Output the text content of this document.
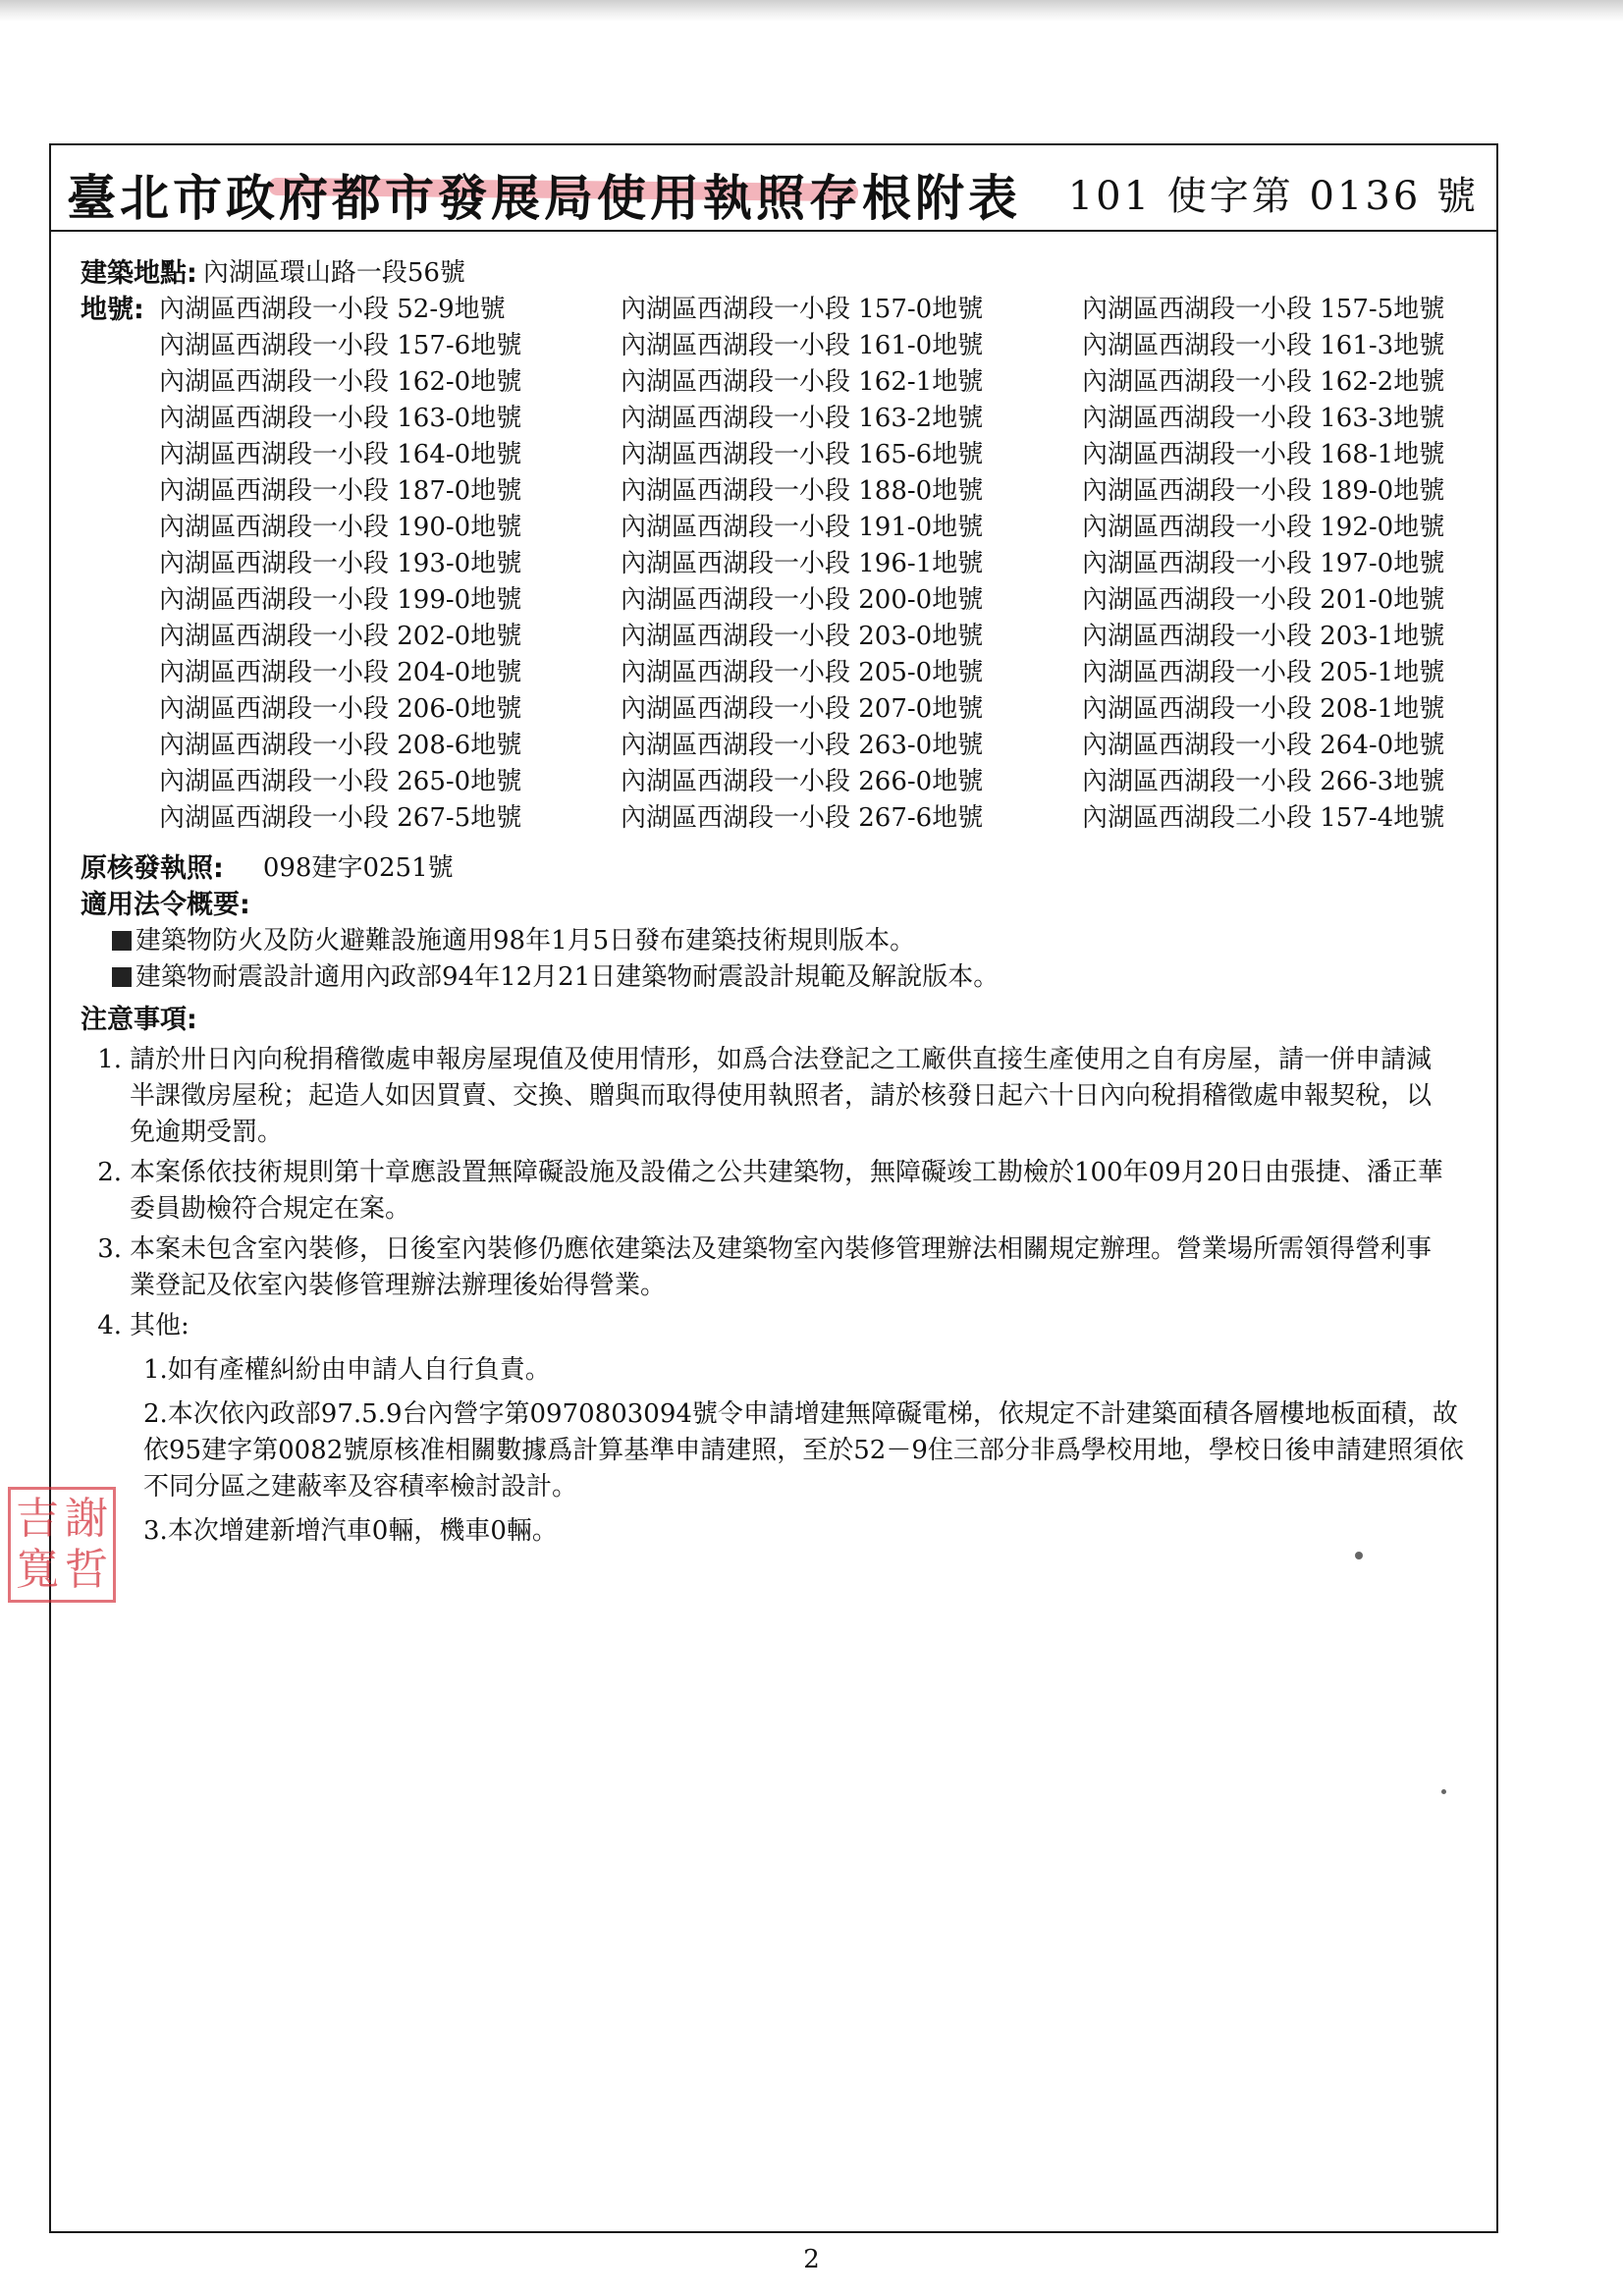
臺北市政府都市發展局使用執照存根附表 101 使字第 0136 號
建築地點: 內湖區環山路一段56號
地號: 內湖區西湖段一小段 52-9地號	內湖區西湖段一小段 157-0地號	內湖區西湖段一小段 157-5地號
內湖區西湖段一小段 157-6地號	內湖區西湖段一小段 161-0地號	內湖區西湖段一小段 161-3地號
內湖區西湖段一小段 162-0地號	內湖區西湖段一小段 162-1地號	內湖區西湖段一小段 162-2地號
內湖區西湖段一小段 163-0地號	內湖區西湖段一小段 163-2地號	內湖區西湖段一小段 163-3地號
內湖區西湖段一小段 164-0地號	內湖區西湖段一小段 165-6地號	內湖區西湖段一小段 168-1地號
內湖區西湖段一小段 187-0地號	內湖區西湖段一小段 188-0地號	內湖區西湖段一小段 189-0地號
內湖區西湖段一小段 190-0地號	內湖區西湖段一小段 191-0地號	內湖區西湖段一小段 192-0地號
內湖區西湖段一小段 193-0地號	內湖區西湖段一小段 196-1地號	內湖區西湖段一小段 197-0地號
內湖區西湖段一小段 199-0地號	內湖區西湖段一小段 200-0地號	內湖區西湖段一小段 201-0地號
內湖區西湖段一小段 202-0地號	內湖區西湖段一小段 203-0地號	內湖區西湖段一小段 203-1地號
內湖區西湖段一小段 204-0地號	內湖區西湖段一小段 205-0地號	內湖區西湖段一小段 205-1地號
內湖區西湖段一小段 206-0地號	內湖區西湖段一小段 207-0地號	內湖區西湖段一小段 208-1地號
內湖區西湖段一小段 208-6地號	內湖區西湖段一小段 263-0地號	內湖區西湖段一小段 264-0地號
內湖區西湖段一小段 265-0地號	內湖區西湖段一小段 266-0地號	內湖區西湖段一小段 266-3地號
內湖區西湖段一小段 267-5地號	內湖區西湖段一小段 267-6地號	內湖區西湖段二小段 157-4地號
原核發執照: 098建字0251號
適用法令概要:
建築物防火及防火避難設施適用98年1月5日發布建築技術規則版本。
建築物耐震設計適用內政部94年12月21日建築物耐震設計規範及解說版本。
注意事項:
1. 請於卅日內向稅捐稽徵處申報房屋現值及使用情形，如爲合法登記之工廠供直接生產使用之自有房屋，請一併申請減半課徵房屋稅；起造人如因買賣、交換、贈與而取得使用執照者，請於核發日起六十日內向稅捐稽徵處申報契稅，以免逾期受罰。
2. 本案係依技術規則第十章應設置無障礙設施及設備之公共建築物，無障礙竣工勘檢於100年09月20日由張捷、潘正華委員勘檢符合規定在案。
3. 本案未包含室內裝修，日後室內裝修仍應依建築法及建築物室內裝修管理辦法相關規定辦理。營業場所需領得營利事業登記及依室內裝修管理辦法辦理後始得營業。
4. 其他:
1.如有產權糾紛由申請人自行負責。
2.本次依內政部97.5.9台內營字第0970803094號令申請增建無障礙電梯，依規定不計建築面積各層樓地板面積，故依95建字第0082號原核准相關數據爲計算基準申請建照，至於52－9住三部分非爲學校用地，學校日後申請建照須依不同分區之建蔽率及容積率檢討設計。
3.本次增建新增汽車0輛，機車0輛。
吉 謝
寬 哲
2
